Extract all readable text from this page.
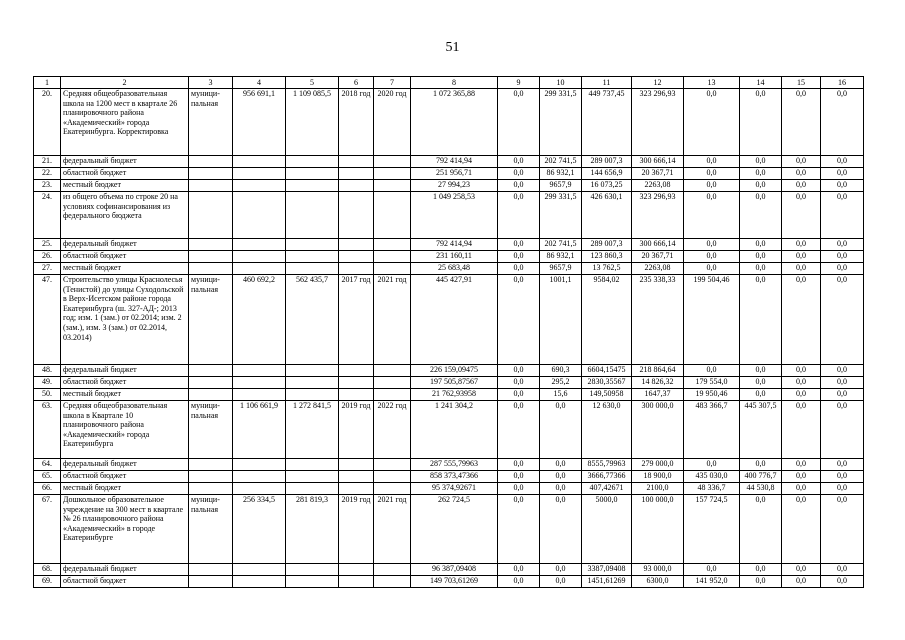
51
1	2	3	4	5	6	7	8	9	10	11	12	13	14	15	16
20.	Средняя общеобразовательная школа на 1200 мест в квартале 26 планировочного района «Академический» города Екатеринбурга. Корректировка	муници-пальная	956 691,1	1 109 085,5	2018 год	2020 год	1 072 365,88	0,0	299 331,5	449 737,45	323 296,93	0,0	0,0	0,0	0,0
21.	федеральный бюджет						792 414,94	0,0	202 741,5	289 007,3	300 666,14	0,0	0,0	0,0	0,0
22.	областной бюджет						251 956,71	0,0	86 932,1	144 656,9	20 367,71	0,0	0,0	0,0	0,0
23.	местный бюджет						27 994,23	0,0	9657,9	16 073,25	2263,08	0,0	0,0	0,0	0,0
24.	из общего объема по строке 20 на условиях софинансирования из федерального бюджета						1 049 258,53	0,0	299 331,5	426 630,1	323 296,93	0,0	0,0	0,0	0,0
25.	федеральный бюджет						792 414,94	0,0	202 741,5	289 007,3	300 666,14	0,0	0,0	0,0	0,0
26.	областной бюджет						231 160,11	0,0	86 932,1	123 860,3	20 367,71	0,0	0,0	0,0	0,0
27.	местный бюджет						25 683,48	0,0	9657,9	13 762,5	2263,08	0,0	0,0	0,0	0,0
47.	Строительство улицы Краснолесья (Тенистой) до улицы Суходольской в Верх-Исетском районе города Екатеринбурга (ш. 327-АД-; 2013 год; изм. 1 (зам.) от 02.2014; изм. 2 (зам.), изм. 3 (зам.) от 02.2014, 03.2014)	муници-пальная	460 692,2	562 435,7	2017 год	2021 год	445 427,91	0,0	1001,1	9584,02	235 338,33	199 504,46	0,0	0,0	0,0
48.	федеральный бюджет						226 159,09475	0,0	690,3	6604,15475	218 864,64	0,0	0,0	0,0	0,0
49.	областной бюджет						197 505,87567	0,0	295,2	2830,35567	14 826,32	179 554,0	0,0	0,0	0,0
50.	местный бюджет						21 762,93958	0,0	15,6	149,50958	1647,37	19 950,46	0,0	0,0	0,0
63.	Средняя общеобразовательная школа в Квартале 10 планировочного района «Академический» города Екатеринбурга	муници-пальная	1 106 661,9	1 272 841,5	2019 год	2022 год	1 241 304,2	0,0	0,0	12 630,0	300 000,0	483 366,7	445 307,5	0,0	0,0
64.	федеральный бюджет						287 555,79963	0,0	0,0	8555,79963	279 000,0	0,0	0,0	0,0	0,0
65.	областной бюджет						858 373,47366	0,0	0,0	3666,77366	18 900,0	435 030,0	400 776,7	0,0	0,0
66.	местный бюджет						95 374,92671	0,0	0,0	407,42671	2100,0	48 336,7	44 530,8	0,0	0,0
67.	Дошкольное образовательное учреждение на 300 мест в квартале № 26 планировочного района «Академический» в городе Екатеринбурге	муници-пальная	256 334,5	281 819,3	2019 год	2021 год	262 724,5	0,0	0,0	5000,0	100 000,0	157 724,5	0,0	0,0	0,0
68.	федеральный бюджет						96 387,09408	0,0	0,0	3387,09408	93 000,0	0,0	0,0	0,0	0,0
69.	областной бюджет						149 703,61269	0,0	0,0	1451,61269	6300,0	141 952,0	0,0	0,0	0,0
